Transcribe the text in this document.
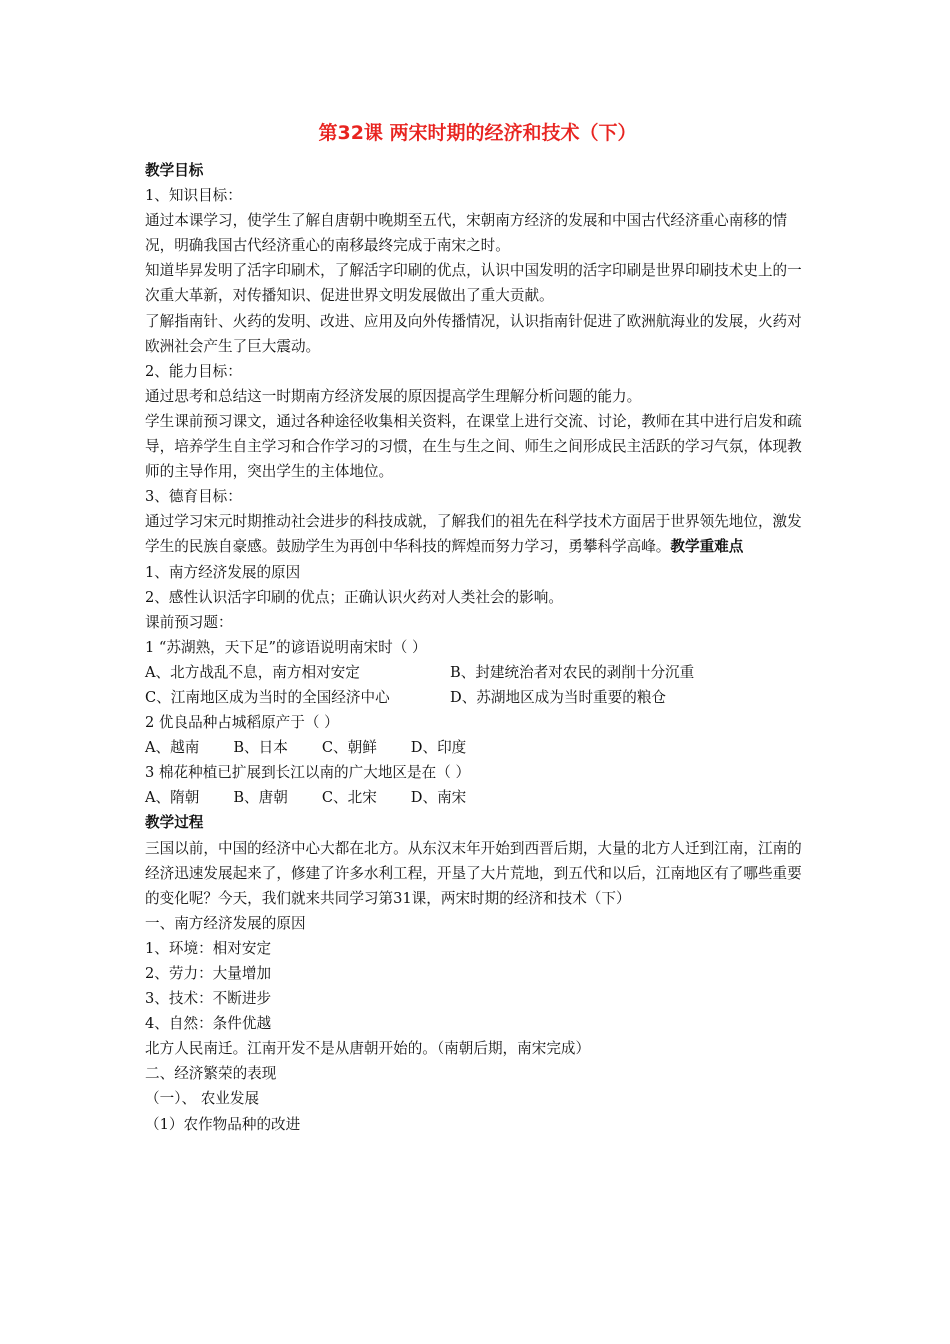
第32课 两宋时期的经济和技术（下）

教学目标

1、知识目标：

通过本课学习，使学生了解自唐朝中晚期至五代，宋朝南方经济的发展和中国古代经济重心南移的情况，明确我国古代经济重心的南移最终完成于南宋之时。

知道毕昇发明了活字印刷术，了解活字印刷的优点，认识中国发明的活字印刷是世界印刷技术史上的一次重大革新，对传播知识、促进世界文明发展做出了重大贡献。

了解指南针、火药的发明、改进、应用及向外传播情况，认识指南针促进了欧洲航海业的发展，火药对欧洲社会产生了巨大震动。

2、能力目标：

通过思考和总结这一时期南方经济发展的原因提高学生理解分析问题的能力。

学生课前预习课文，通过各种途径收集相关资料，在课堂上进行交流、讨论，教师在其中进行启发和疏导，培养学生自主学习和合作学习的习惯，在生与生之间、师生之间形成民主活跃的学习气氛，体现教师的主导作用，突出学生的主体地位。

3、德育目标：

通过学习宋元时期推动社会进步的科技成就，了解我们的祖先在科学技术方面居于世界领先地位，激发学生的民族自豪感。鼓励学生为再创中华科技的辉煌而努力学习，勇攀科学高峰。教学重难点

1、南方经济发展的原因

2、感性认识活字印刷的优点；正确认识火药对人类社会的影响。

课前预习题：

1 “苏湖熟，天下足”的谚语说明南宋时（ ）

A、北方战乱不息，南方相对安定	B、封建统治者对农民的剥削十分沉重
C、江南地区成为当时的全国经济中心	D、苏湖地区成为当时重要的粮仓

2 优良品种占城稻原产于（ ）

A、越南 B、日本 C、朝鲜 D、印度

3 棉花种植已扩展到长江以南的广大地区是在（ ）

A、隋朝 B、唐朝 C、北宋 D、南宋

教学过程

三国以前，中国的经济中心大都在北方。从东汉末年开始到西晋后期，大量的北方人迁到江南，江南的经济迅速发展起来了，修建了许多水利工程，开垦了大片荒地，到五代和以后，江南地区有了哪些重要的变化呢？今天，我们就来共同学习第31课，两宋时期的经济和技术（下）

一、南方经济发展的原因

1、环境：相对安定

2、劳力：大量增加

3、技术：不断进步

4、自然：条件优越

北方人民南迁。江南开发不是从唐朝开始的。（南朝后期，南宋完成）

二、经济繁荣的表现

（一）、 农业发展

（1）农作物品种的改进
